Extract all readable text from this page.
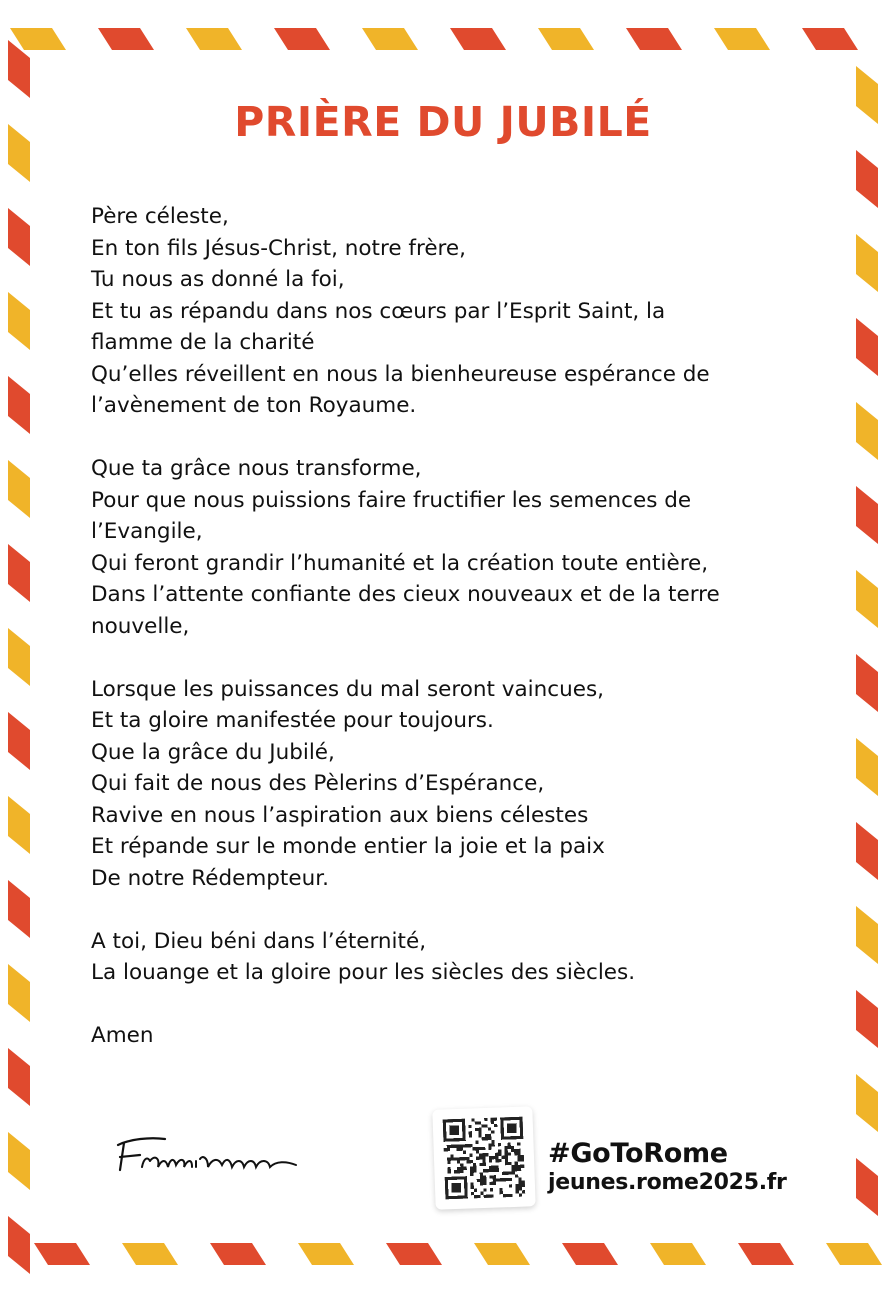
PRIÈRE DU JUBILÉ
Père céleste,
En ton fils Jésus-Christ, notre frère,
Tu nous as donné la foi,
Et tu as répandu dans nos cœurs par l’Esprit Saint, la
flamme de la charité
Qu’elles réveillent en nous la bienheureuse espérance de
l’avènement de ton Royaume.
Que ta grâce nous transforme,
Pour que nous puissions faire fructifier les semences de
l’Evangile,
Qui feront grandir l’humanité et la création toute entière,
Dans l’attente confiante des cieux nouveaux et de la terre
nouvelle,
Lorsque les puissances du mal seront vaincues,
Et ta gloire manifestée pour toujours.
Que la grâce du Jubilé,
Qui fait de nous des Pèlerins d’Espérance,
Ravive en nous l’aspiration aux biens célestes
Et répande sur le monde entier la joie et la paix
De notre Rédempteur.
A toi, Dieu béni dans l’éternité,
La louange et la gloire pour les siècles des siècles.
Amen
#GoToRome
jeunes.rome2025.fr
